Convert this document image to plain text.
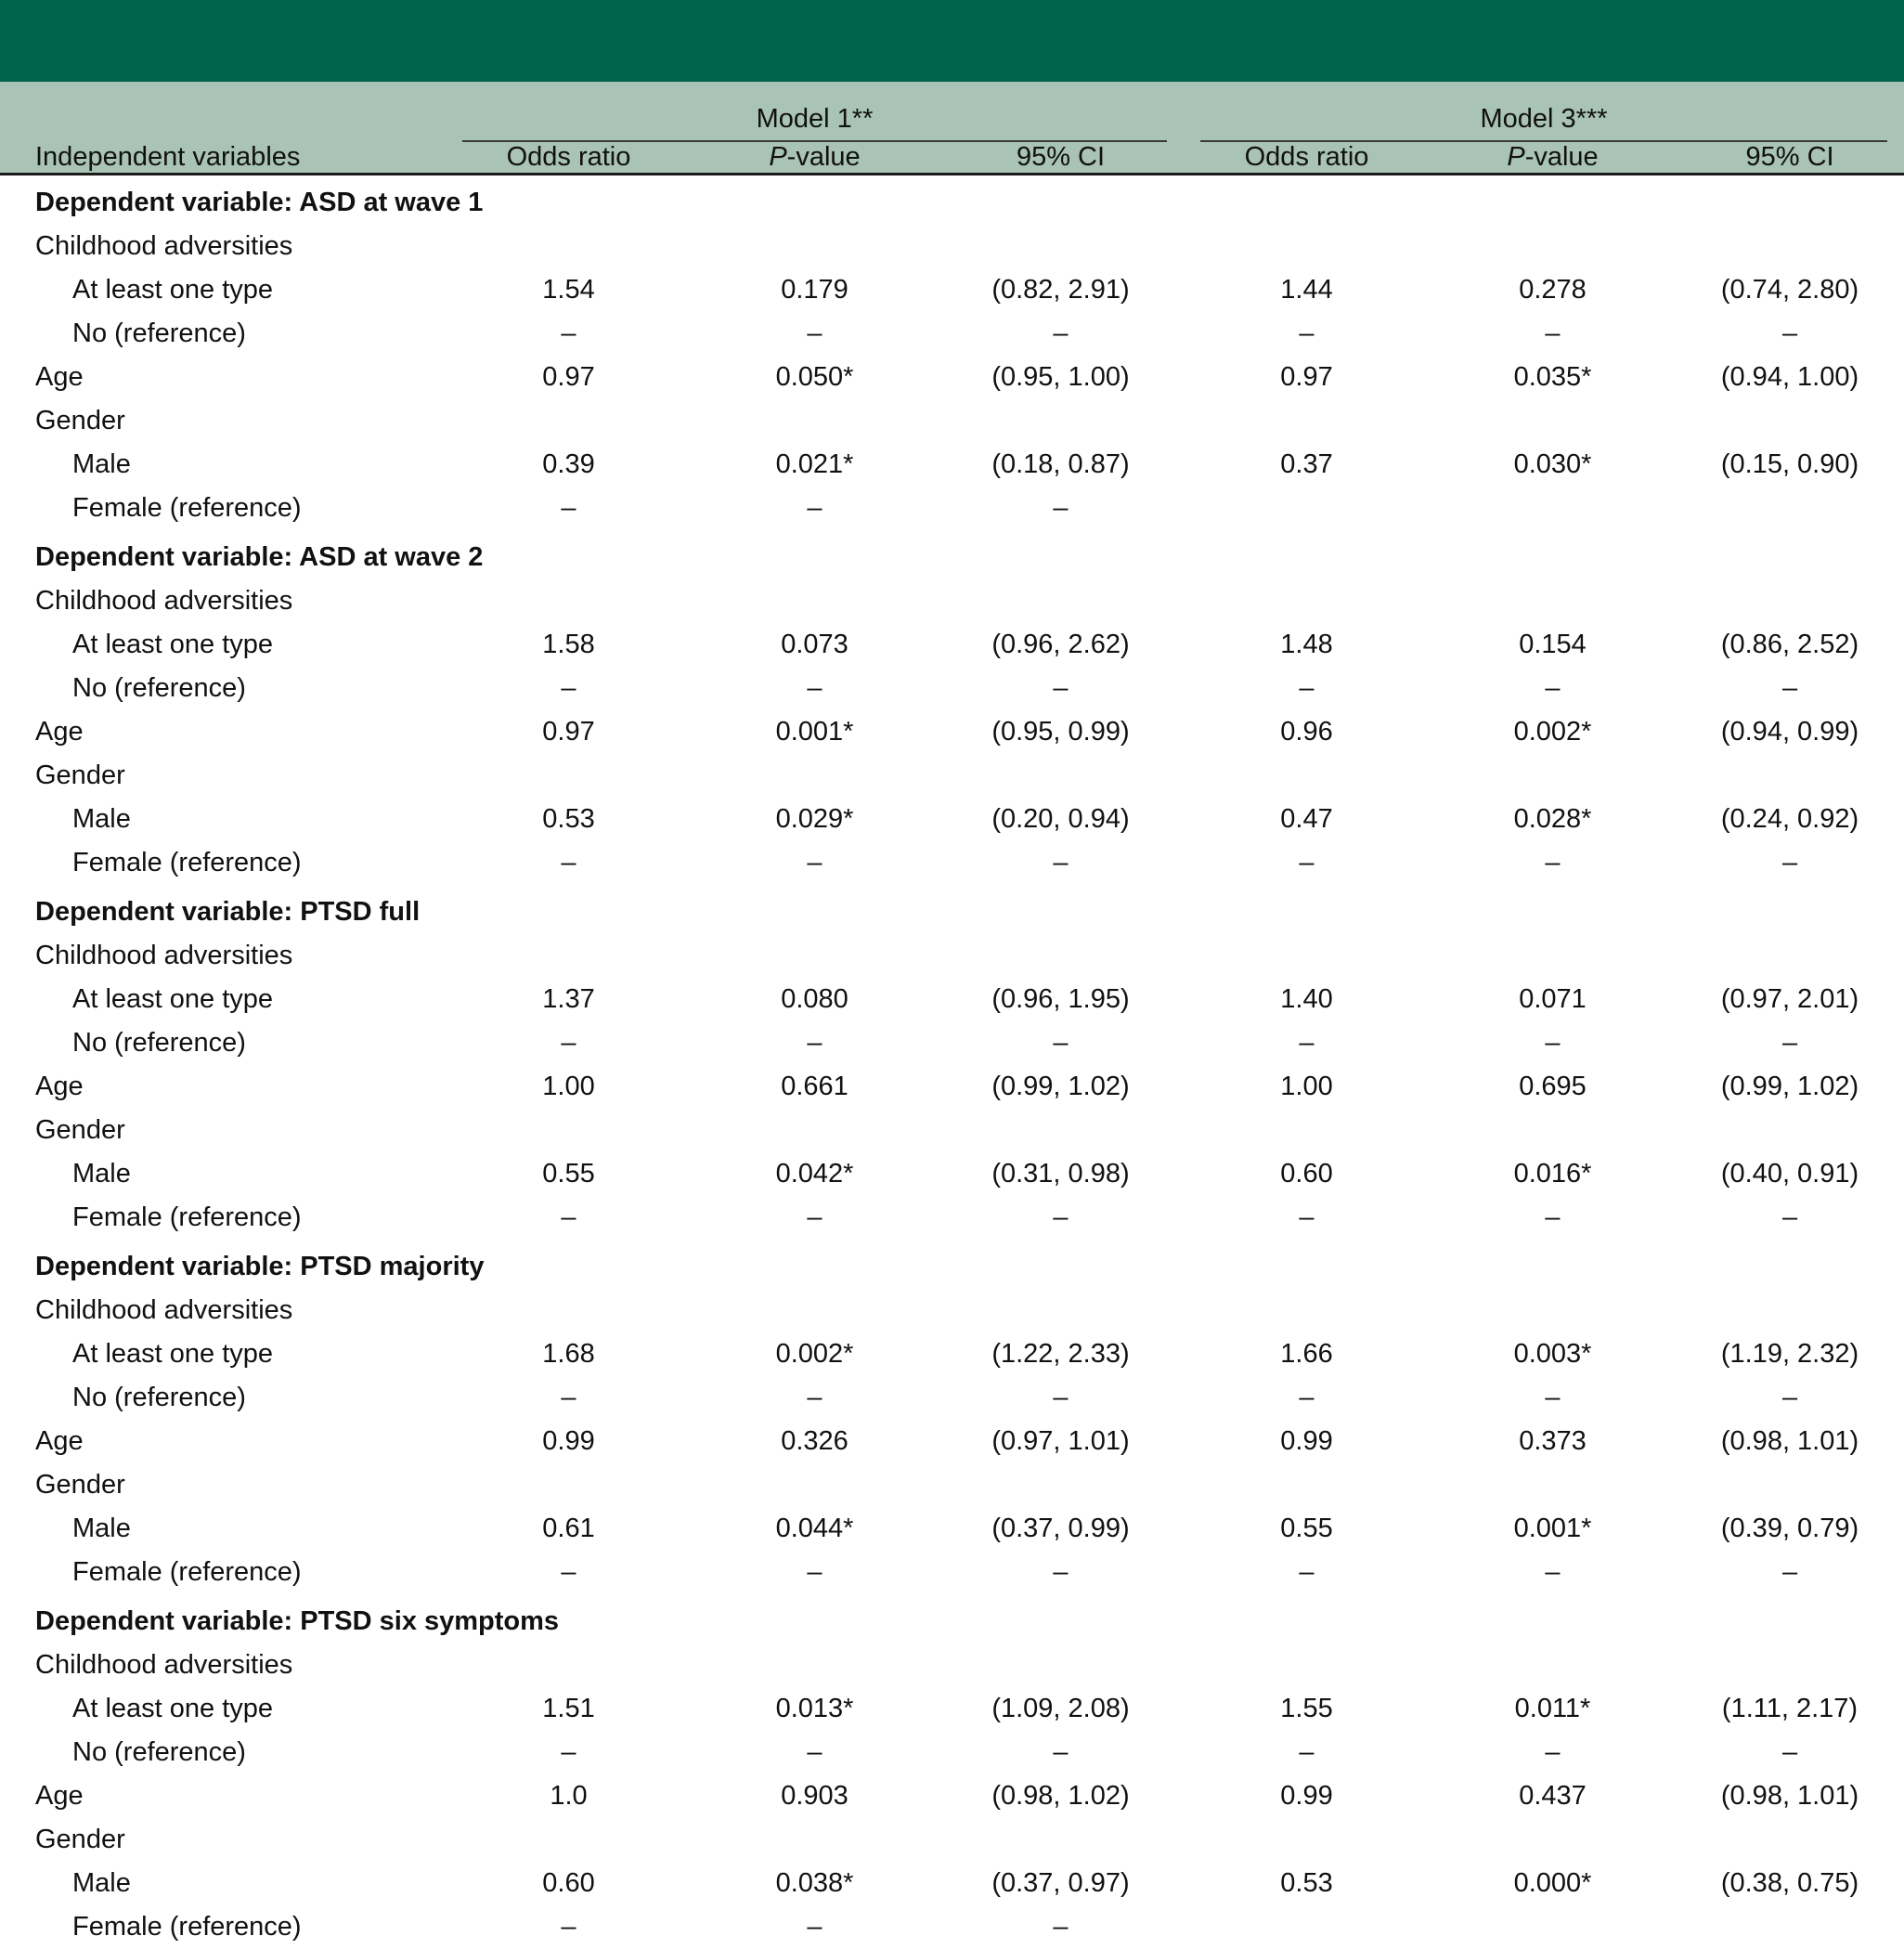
	Model 1**			Model 3***		

Independent variables	Odds ratio	P-value	95% CI	Odds ratio	P-value	95% CI
Dependent variable: ASD at wave 1						
Childhood adversities						
At least one type	1.54	0.179	(0.82, 2.91)	1.44	0.278	(0.74, 2.80)
No (reference)	–	–	–	–	–	–
Age	0.97	0.050*	(0.95, 1.00)	0.97	0.035*	(0.94, 1.00)
Gender						
Male	0.39	0.021*	(0.18, 0.87)	0.37	0.030*	(0.15, 0.90)
Female (reference)	–	–	–			
Dependent variable: ASD at wave 2						
Childhood adversities						
At least one type	1.58	0.073	(0.96, 2.62)	1.48	0.154	(0.86, 2.52)
No (reference)	–	–	–	–	–	–
Age	0.97	0.001*	(0.95, 0.99)	0.96	0.002*	(0.94, 0.99)
Gender						
Male	0.53	0.029*	(0.20, 0.94)	0.47	0.028*	(0.24, 0.92)
Female (reference)	–	–	–	–	–	–
Dependent variable: PTSD full						
Childhood adversities						
At least one type	1.37	0.080	(0.96, 1.95)	1.40	0.071	(0.97, 2.01)
No (reference)	–	–	–	–	–	–
Age	1.00	0.661	(0.99, 1.02)	1.00	0.695	(0.99, 1.02)
Gender						
Male	0.55	0.042*	(0.31, 0.98)	0.60	0.016*	(0.40, 0.91)
Female (reference)	–	–	–	–	–	–
Dependent variable: PTSD majority						
Childhood adversities						
At least one type	1.68	0.002*	(1.22, 2.33)	1.66	0.003*	(1.19, 2.32)
No (reference)	–	–	–	–	–	–
Age	0.99	0.326	(0.97, 1.01)	0.99	0.373	(0.98, 1.01)
Gender						
Male	0.61	0.044*	(0.37, 0.99)	0.55	0.001*	(0.39, 0.79)
Female (reference)	–	–	–	–	–	–
Dependent variable: PTSD six symptoms						
Childhood adversities						
At least one type	1.51	0.013*	(1.09, 2.08)	1.55	0.011*	(1.11, 2.17)
No (reference)	–	–	–	–	–	–
Age	1.0	0.903	(0.98, 1.02)	0.99	0.437	(0.98, 1.01)
Gender						
Male	0.60	0.038*	(0.37, 0.97)	0.53	0.000*	(0.38, 0.75)
Female (reference)	–	–	–			
